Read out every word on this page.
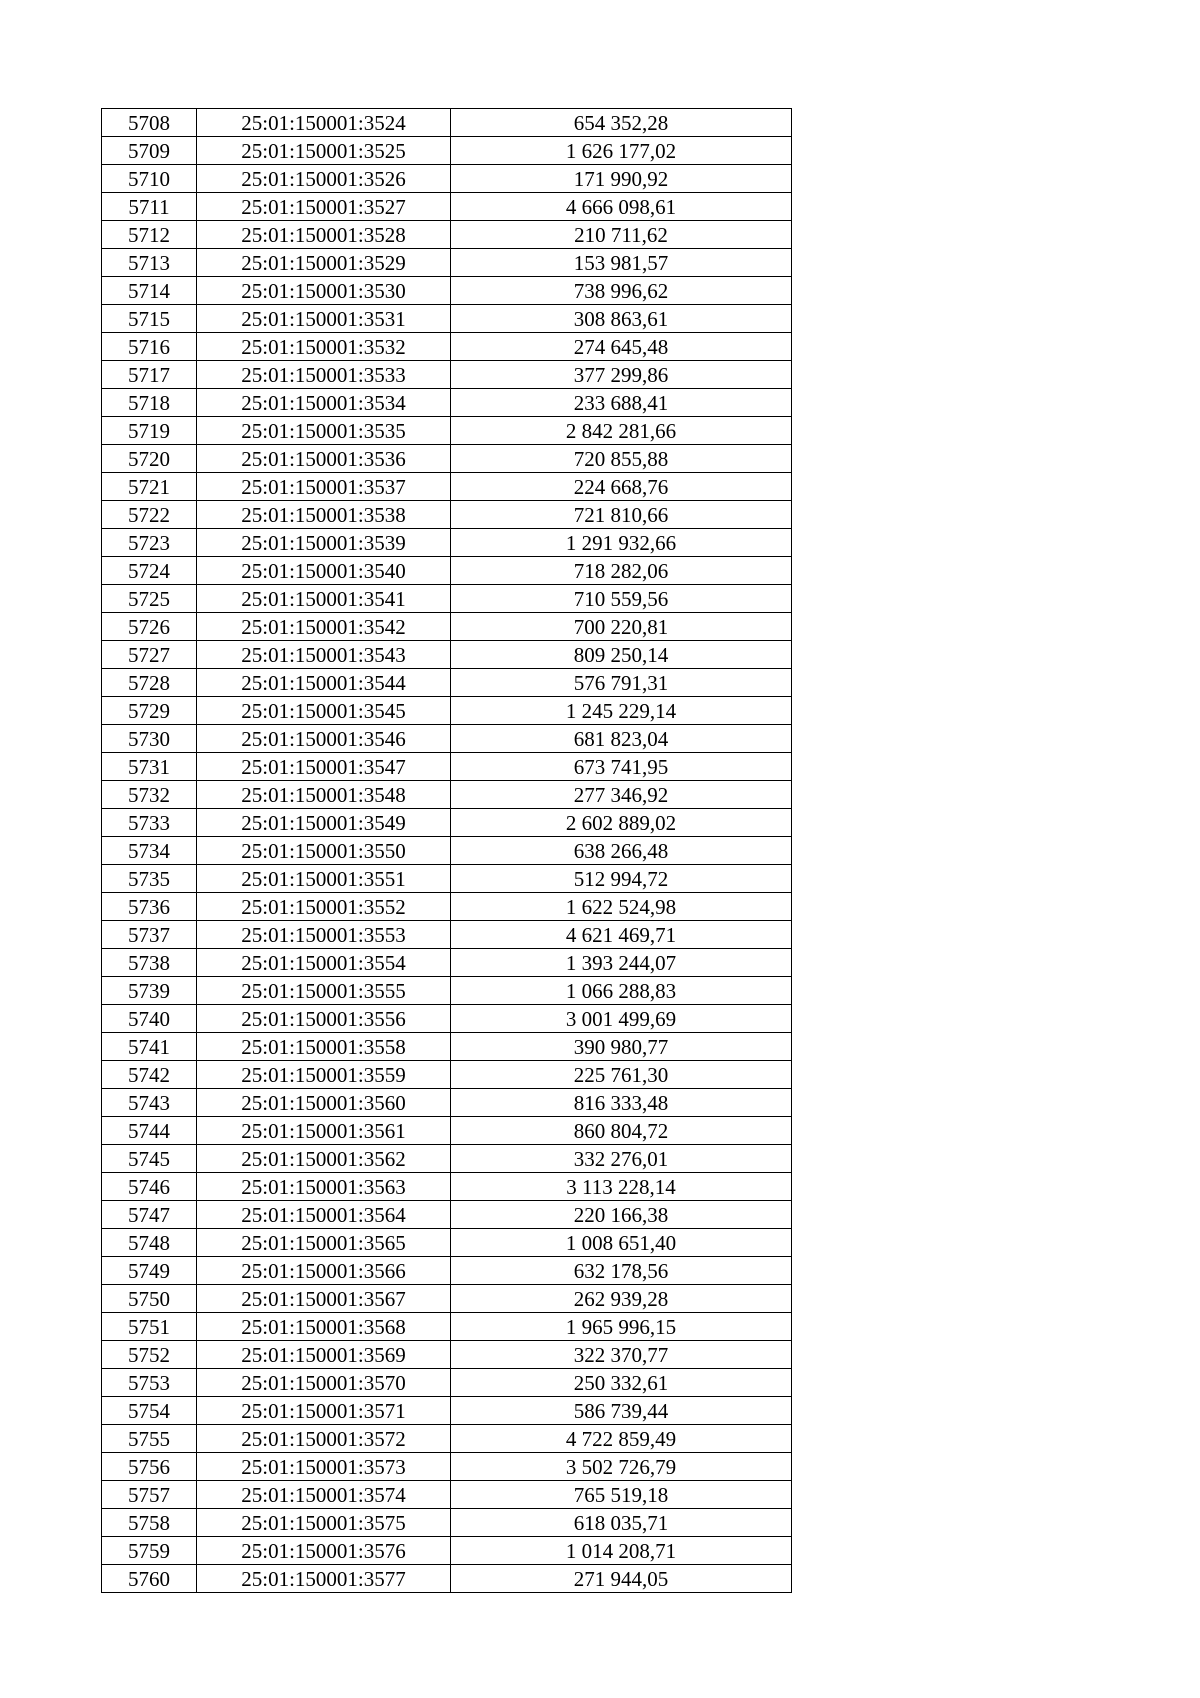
5708	25:01:150001:3524	654 352,28
5709	25:01:150001:3525	1 626 177,02
5710	25:01:150001:3526	171 990,92
5711	25:01:150001:3527	4 666 098,61
5712	25:01:150001:3528	210 711,62
5713	25:01:150001:3529	153 981,57
5714	25:01:150001:3530	738 996,62
5715	25:01:150001:3531	308 863,61
5716	25:01:150001:3532	274 645,48
5717	25:01:150001:3533	377 299,86
5718	25:01:150001:3534	233 688,41
5719	25:01:150001:3535	2 842 281,66
5720	25:01:150001:3536	720 855,88
5721	25:01:150001:3537	224 668,76
5722	25:01:150001:3538	721 810,66
5723	25:01:150001:3539	1 291 932,66
5724	25:01:150001:3540	718 282,06
5725	25:01:150001:3541	710 559,56
5726	25:01:150001:3542	700 220,81
5727	25:01:150001:3543	809 250,14
5728	25:01:150001:3544	576 791,31
5729	25:01:150001:3545	1 245 229,14
5730	25:01:150001:3546	681 823,04
5731	25:01:150001:3547	673 741,95
5732	25:01:150001:3548	277 346,92
5733	25:01:150001:3549	2 602 889,02
5734	25:01:150001:3550	638 266,48
5735	25:01:150001:3551	512 994,72
5736	25:01:150001:3552	1 622 524,98
5737	25:01:150001:3553	4 621 469,71
5738	25:01:150001:3554	1 393 244,07
5739	25:01:150001:3555	1 066 288,83
5740	25:01:150001:3556	3 001 499,69
5741	25:01:150001:3558	390 980,77
5742	25:01:150001:3559	225 761,30
5743	25:01:150001:3560	816 333,48
5744	25:01:150001:3561	860 804,72
5745	25:01:150001:3562	332 276,01
5746	25:01:150001:3563	3 113 228,14
5747	25:01:150001:3564	220 166,38
5748	25:01:150001:3565	1 008 651,40
5749	25:01:150001:3566	632 178,56
5750	25:01:150001:3567	262 939,28
5751	25:01:150001:3568	1 965 996,15
5752	25:01:150001:3569	322 370,77
5753	25:01:150001:3570	250 332,61
5754	25:01:150001:3571	586 739,44
5755	25:01:150001:3572	4 722 859,49
5756	25:01:150001:3573	3 502 726,79
5757	25:01:150001:3574	765 519,18
5758	25:01:150001:3575	618 035,71
5759	25:01:150001:3576	1 014 208,71
5760	25:01:150001:3577	271 944,05
